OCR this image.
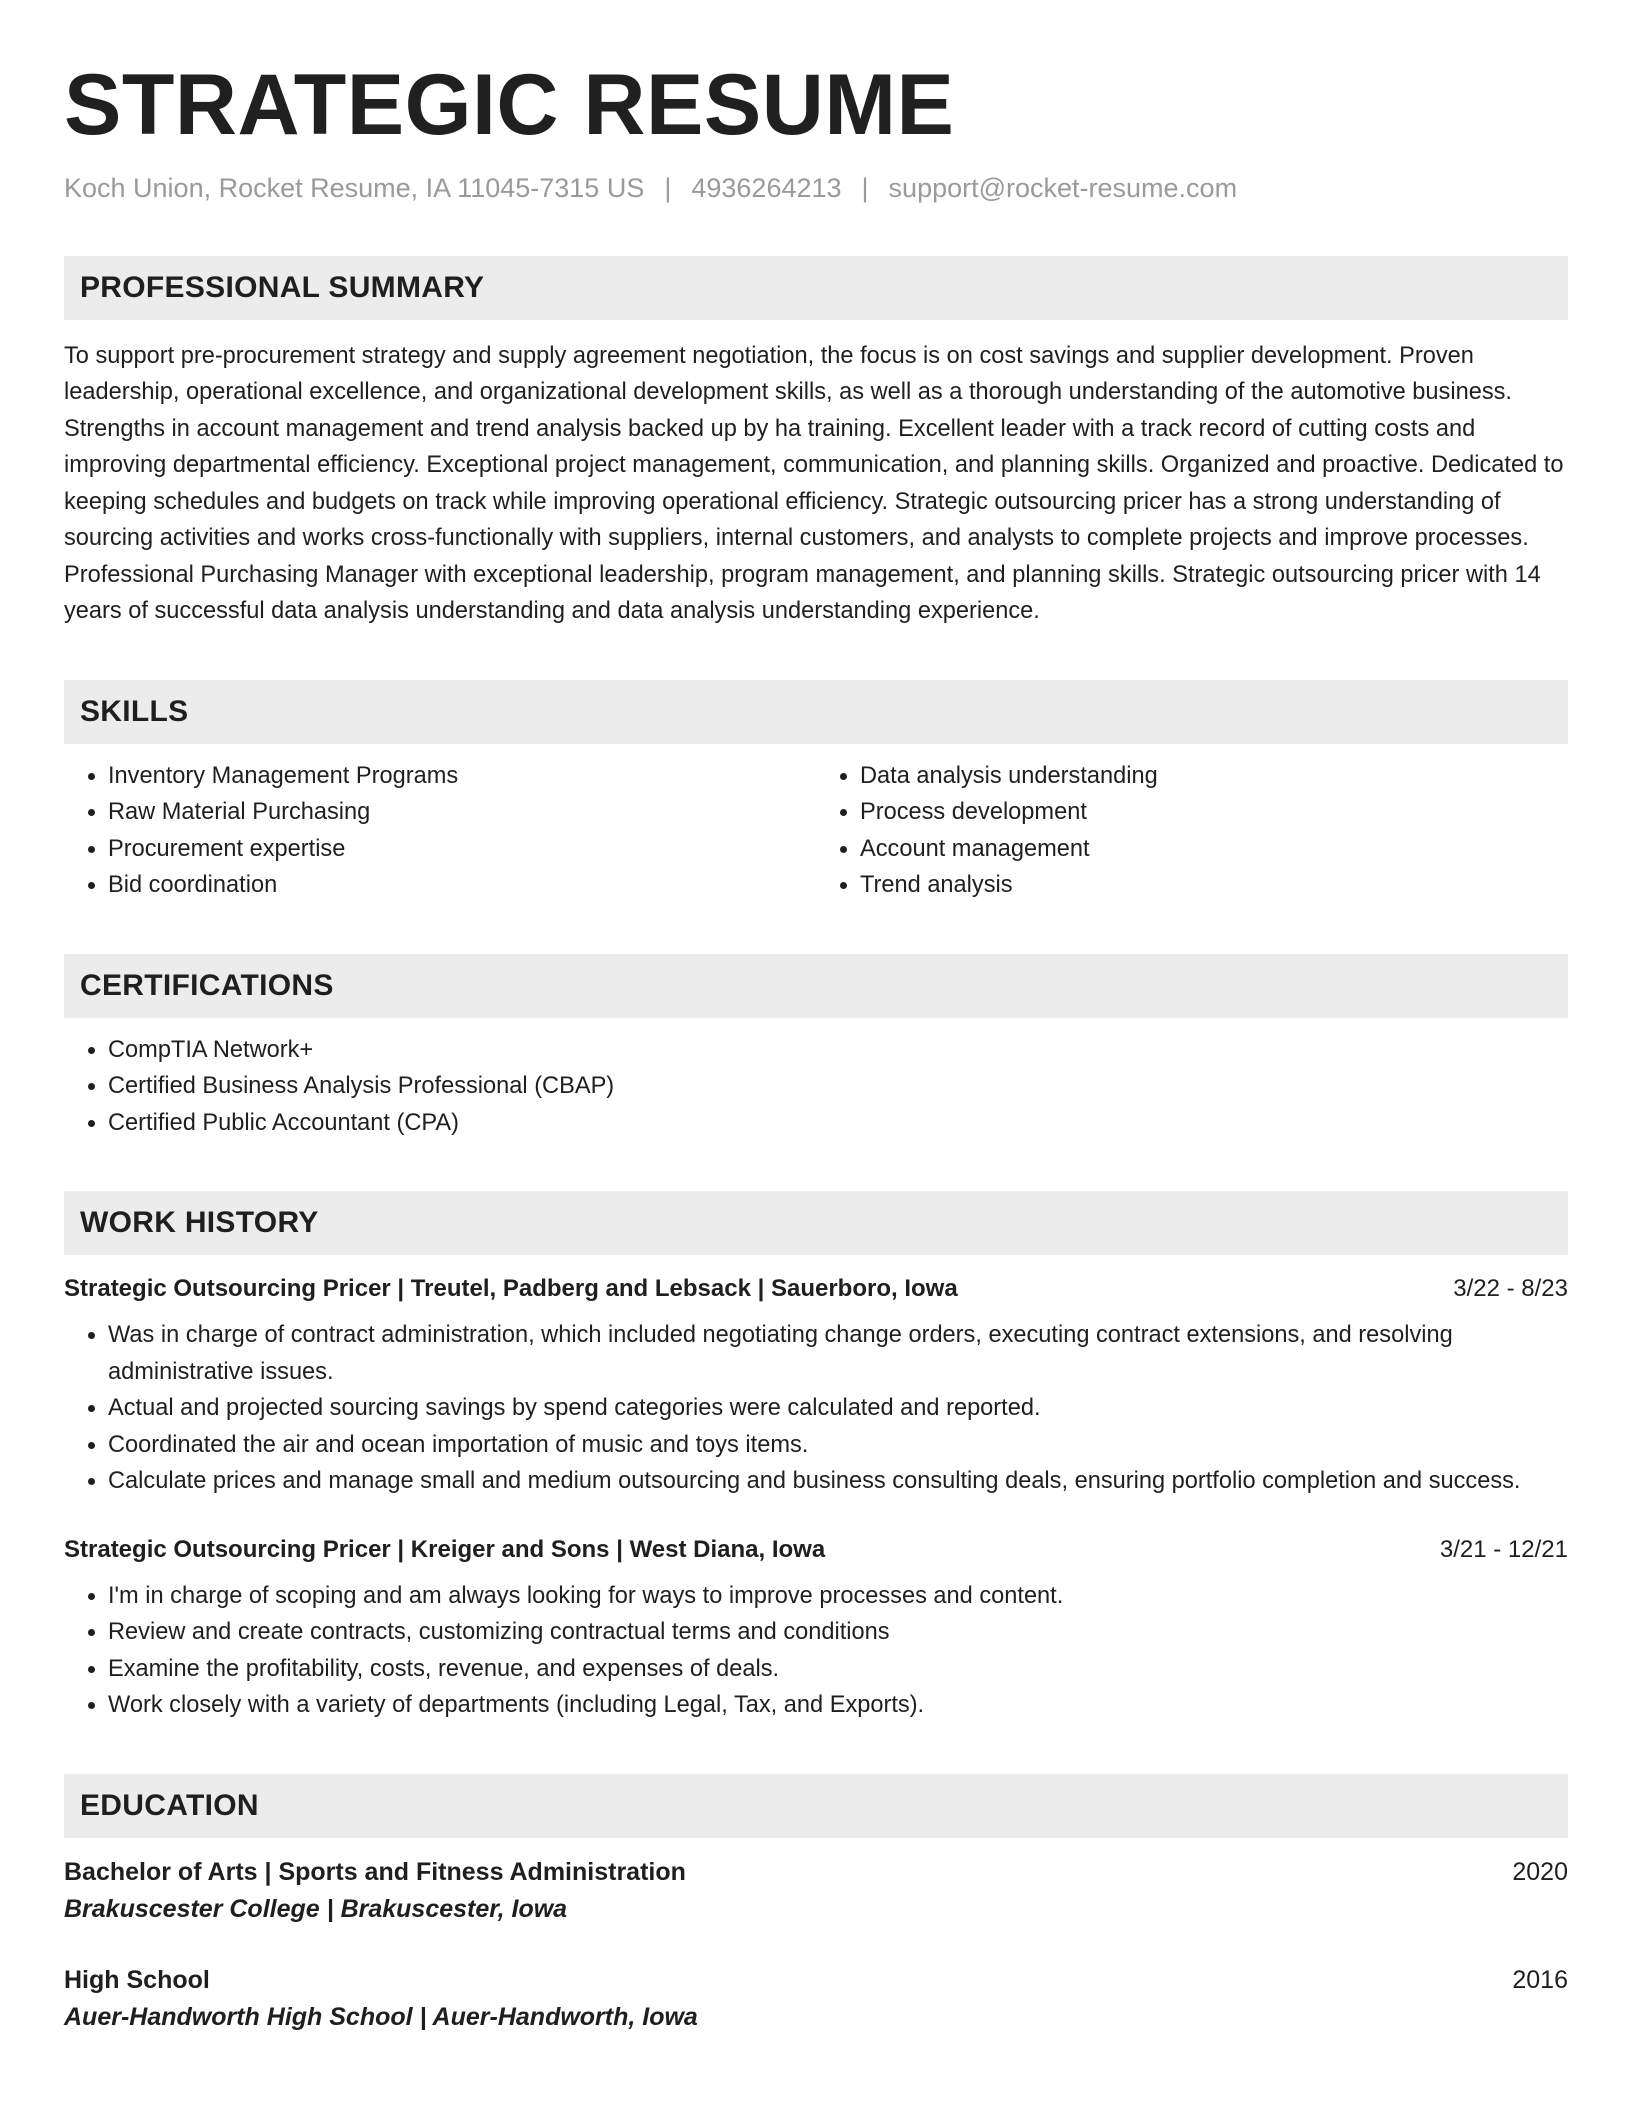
STRATEGIC RESUME
Koch Union, Rocket Resume, IA 11045-7315 US | 4936264213 | support@rocket-resume.com
PROFESSIONAL SUMMARY
To support pre-procurement strategy and supply agreement negotiation, the focus is on cost savings and supplier development. Proven leadership, operational excellence, and organizational development skills, as well as a thorough understanding of the automotive business. Strengths in account management and trend analysis backed up by ha training. Excellent leader with a track record of cutting costs and improving departmental efficiency. Exceptional project management, communication, and planning skills. Organized and proactive. Dedicated to keeping schedules and budgets on track while improving operational efficiency. Strategic outsourcing pricer has a strong understanding of sourcing activities and works cross-functionally with suppliers, internal customers, and analysts to complete projects and improve processes. Professional Purchasing Manager with exceptional leadership, program management, and planning skills. Strategic outsourcing pricer with 14 years of successful data analysis understanding and data analysis understanding experience.
SKILLS
• Inventory Management Programs
• Raw Material Purchasing
• Procurement expertise
• Bid coordination
• Data analysis understanding
• Process development
• Account management
• Trend analysis
CERTIFICATIONS
• CompTIA Network+
• Certified Business Analysis Professional (CBAP)
• Certified Public Accountant (CPA)
WORK HISTORY
Strategic Outsourcing Pricer | Treutel, Padberg and Lebsack | Sauerboro, Iowa	3/22 - 8/23
• Was in charge of contract administration, which included negotiating change orders, executing contract extensions, and resolving administrative issues.
• Actual and projected sourcing savings by spend categories were calculated and reported.
• Coordinated the air and ocean importation of music and toys items.
• Calculate prices and manage small and medium outsourcing and business consulting deals, ensuring portfolio completion and success.
Strategic Outsourcing Pricer | Kreiger and Sons | West Diana, Iowa	3/21 - 12/21
• I'm in charge of scoping and am always looking for ways to improve processes and content.
• Review and create contracts, customizing contractual terms and conditions
• Examine the profitability, costs, revenue, and expenses of deals.
• Work closely with a variety of departments (including Legal, Tax, and Exports).
EDUCATION
Bachelor of Arts | Sports and Fitness Administration	2020
Brakuscester College | Brakuscester, Iowa
High School	2016
Auer-Handworth High School | Auer-Handworth, Iowa
